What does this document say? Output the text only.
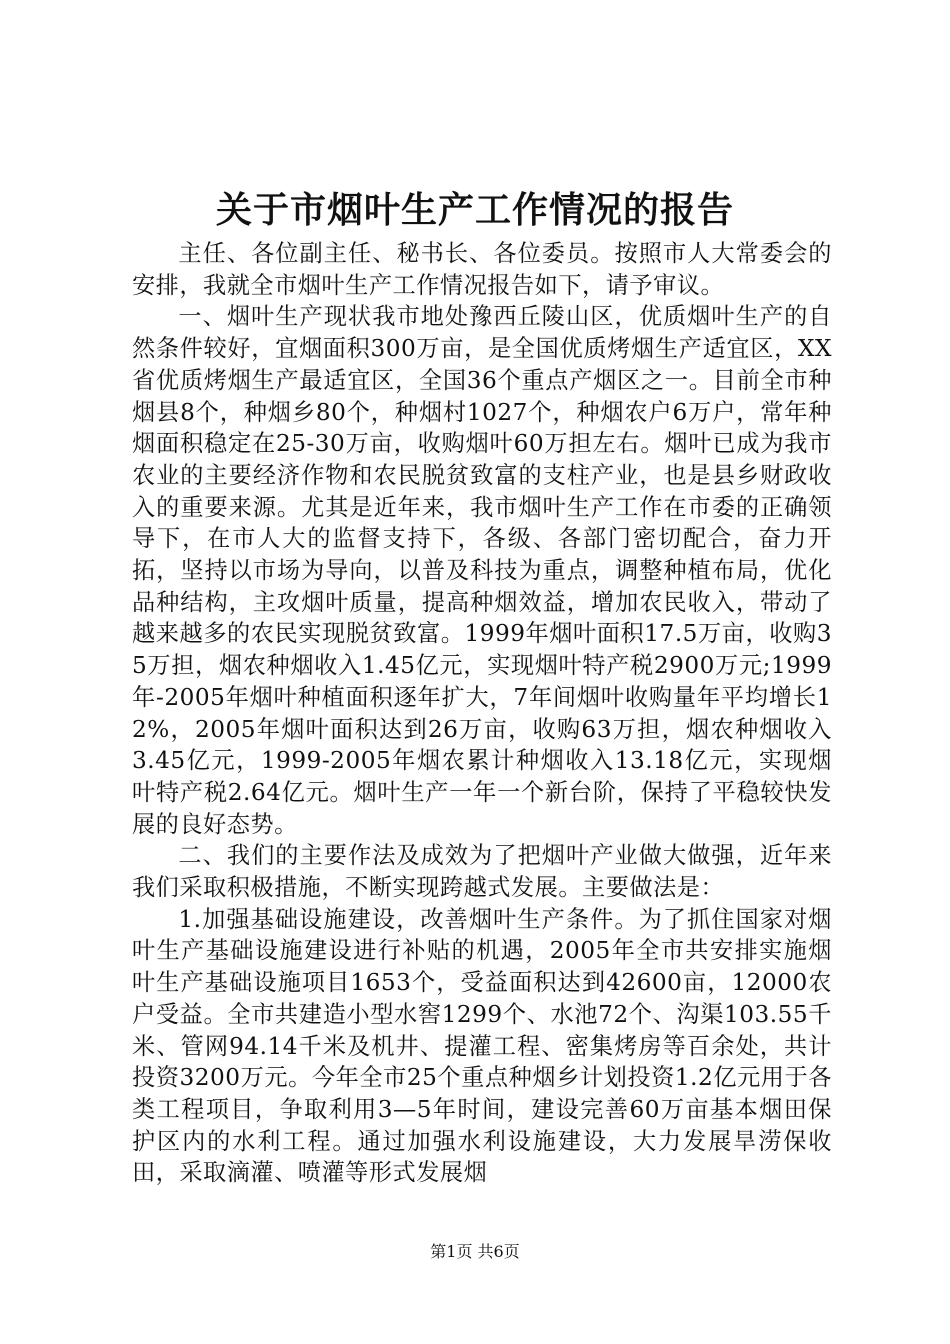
关于市烟叶生产工作情况的报告

主任、各位副主任、秘书长、各位委员。按照市人大常委会的安排，我就全市烟叶生产工作情况报告如下，请予审议。

一、烟叶生产现状我市地处豫西丘陵山区，优质烟叶生产的自然条件较好，宜烟面积300万亩，是全国优质烤烟生产适宜区，XX省优质烤烟生产最适宜区，全国36个重点产烟区之一。目前全市种烟县8个，种烟乡80个，种烟村1027个，种烟农户6万户，常年种烟面积稳定在25-30万亩，收购烟叶60万担左右。烟叶已成为我市农业的主要经济作物和农民脱贫致富的支柱产业，也是县乡财政收入的重要来源。尤其是近年来，我市烟叶生产工作在市委的正确领导下，在市人大的监督支持下，各级、各部门密切配合，奋力开拓，坚持以市场为导向，以普及科技为重点，调整种植布局，优化品种结构，主攻烟叶质量，提高种烟效益，增加农民收入，带动了越来越多的农民实现脱贫致富。1999年烟叶面积17.5万亩，收购35万担，烟农种烟收入1.45亿元，实现烟叶特产税2900万元;1999年-2005年烟叶种植面积逐年扩大，7年间烟叶收购量年平均增长12%，2005年烟叶面积达到26万亩，收购63万担，烟农种烟收入3.45亿元，1999-2005年烟农累计种烟收入13.18亿元，实现烟叶特产税2.64亿元。烟叶生产一年一个新台阶，保持了平稳较快发展的良好态势。

二、我们的主要作法及成效为了把烟叶产业做大做强，近年来我们采取积极措施，不断实现跨越式发展。主要做法是：

1.加强基础设施建设，改善烟叶生产条件。为了抓住国家对烟叶生产基础设施建设进行补贴的机遇，2005年全市共安排实施烟叶生产基础设施项目1653个，受益面积达到42600亩，12000农户受益。全市共建造小型水窖1299个、水池72个、沟渠103.55千米、管网94.14千米及机井、提灌工程、密集烤房等百余处，共计投资3200万元。今年全市25个重点种烟乡计划投资1.2亿元用于各类工程项目，争取利用3—5年时间，建设完善60万亩基本烟田保护区内的水利工程。通过加强水利设施建设，大力发展旱涝保收田，采取滴灌、喷灌等形式发展烟

第1页 共6页
